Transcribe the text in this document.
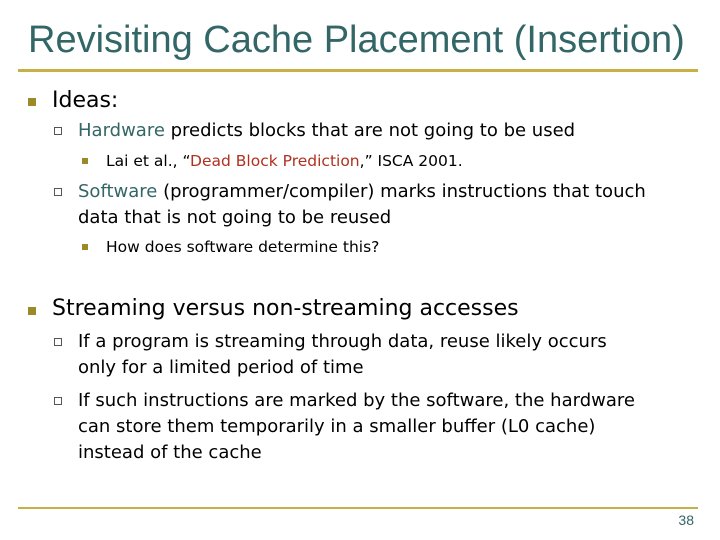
Revisiting Cache Placement (Insertion)
Ideas:
Hardware predicts blocks that are not going to be used
Lai et al., “Dead Block Prediction,” ISCA 2001.
Software (programmer/compiler) marks instructions that touch
data that is not going to be reused
How does software determine this?
Streaming versus non-streaming accesses
If a program is streaming through data, reuse likely occurs
only for a limited period of time
If such instructions are marked by the software, the hardware
can store them temporarily in a smaller buffer (L0 cache)
instead of the cache
38
